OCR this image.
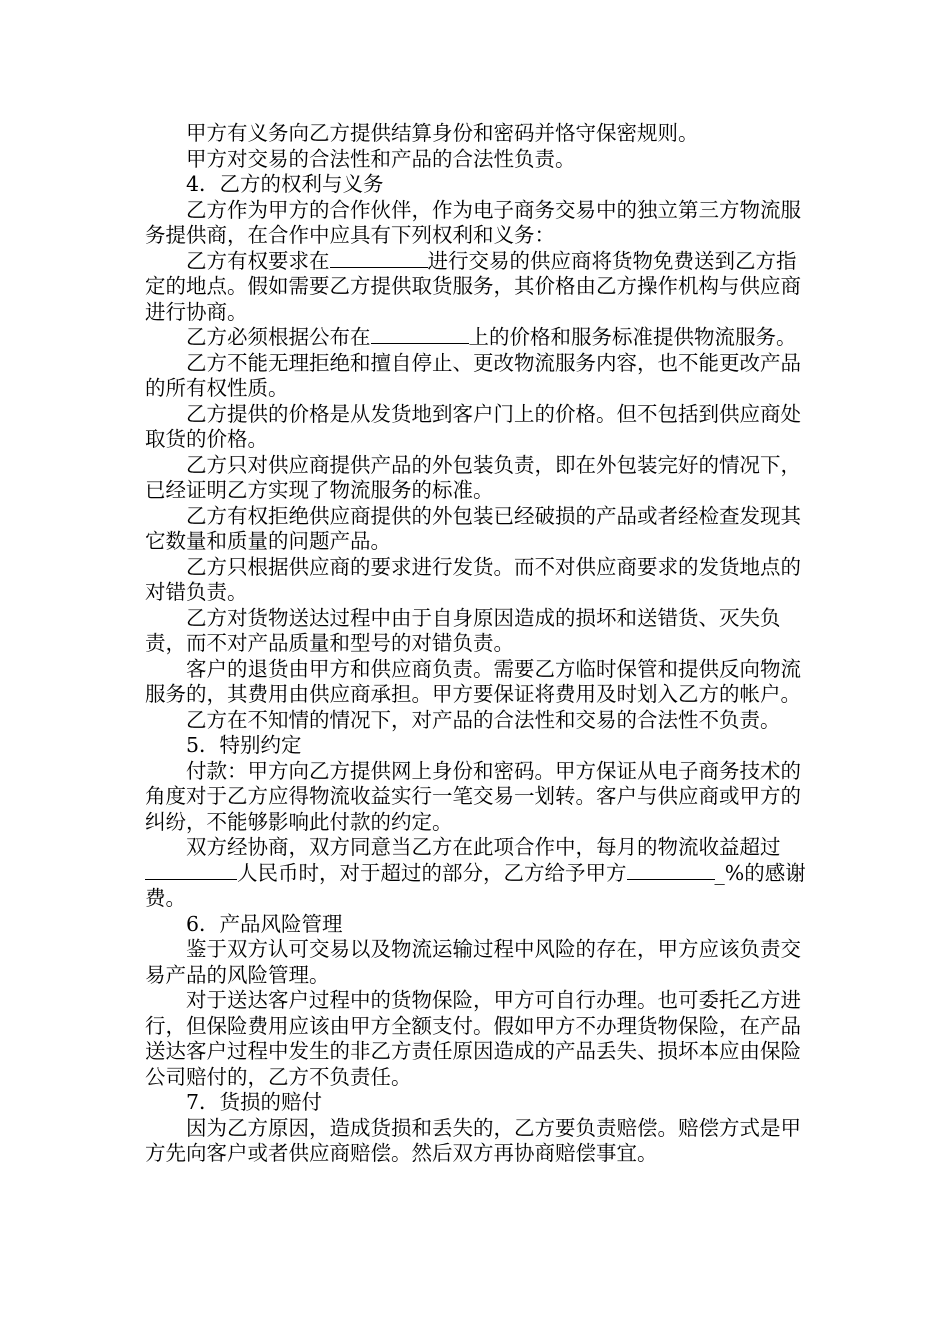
甲方有义务向乙方提供结算身份和密码并恪守保密规则。

甲方对交易的合法性和产品的合法性负责。

4．乙方的权利与义务

乙方作为甲方的合作伙伴，作为电子商务交易中的独立第三方物流服务提供商，在合作中应具有下列权利和义务：

乙方有权要求在	进行交易的供应商将货物免费送到乙方指定的地点。假如需要乙方提供取货服务，其价格由乙方操作机构与供应商进行协商。

乙方必须根据公布在	上的价格和服务标准提供物流服务。

乙方不能无理拒绝和擅自停止、更改物流服务内容，也不能更改产品的所有权性质。

乙方提供的价格是从发货地到客户门上的价格。但不包括到供应商处取货的价格。

乙方只对供应商提供产品的外包装负责，即在外包装完好的情况下，已经证明乙方实现了物流服务的标准。

乙方有权拒绝供应商提供的外包装已经破损的产品或者经检查发现其它数量和质量的问题产品。

乙方只根据供应商的要求进行发货。而不对供应商要求的发货地点的对错负责。

乙方对货物送达过程中由于自身原因造成的损坏和送错货、灭失负责，而不对产品质量和型号的对错负责。

客户的退货由甲方和供应商负责。需要乙方临时保管和提供反向物流服务的，其费用由供应商承担。甲方要保证将费用及时划入乙方的帐户。

乙方在不知情的情况下，对产品的合法性和交易的合法性不负责。

5．特别约定

付款：甲方向乙方提供网上身份和密码。甲方保证从电子商务技术的角度对于乙方应得物流收益实行一笔交易一划转。客户与供应商或甲方的纠纷，不能够影响此付款的约定。

双方经协商，双方同意当乙方在此项合作中，每月的物流收益超过人民币时，对于超过的部分，乙方给予甲方	_%的感谢费。

6．产品风险管理

鉴于双方认可交易以及物流运输过程中风险的存在，甲方应该负责交易产品的风险管理。

对于送达客户过程中的货物保险，甲方可自行办理。也可委托乙方进行，但保险费用应该由甲方全额支付。假如甲方不办理货物保险，在产品送达客户过程中发生的非乙方责任原因造成的产品丢失、损坏本应由保险公司赔付的，乙方不负责任。

7．货损的赔付

因为乙方原因，造成货损和丢失的，乙方要负责赔偿。赔偿方式是甲方先向客户或者供应商赔偿。然后双方再协商赔偿事宜。
